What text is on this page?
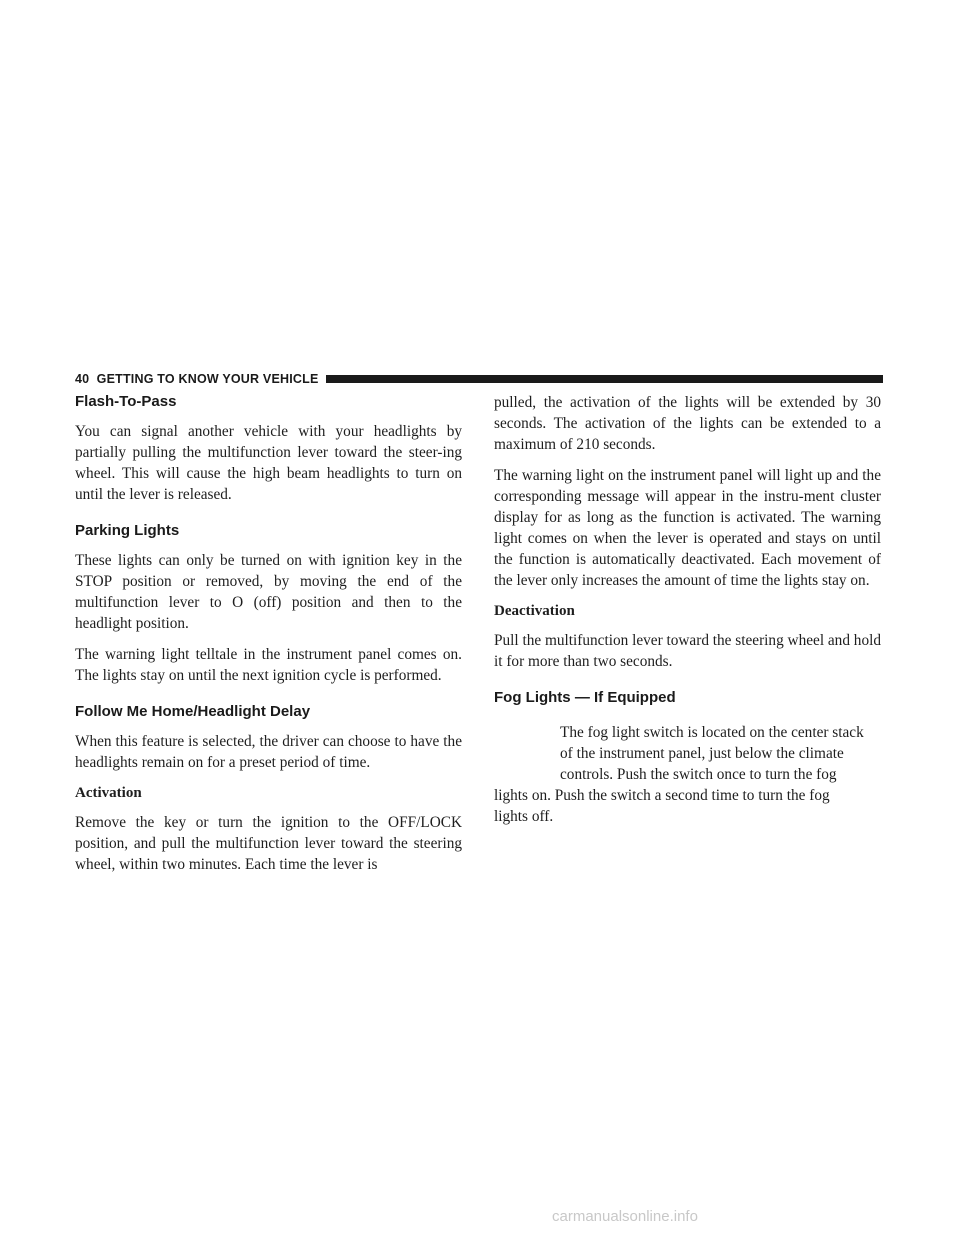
40 GETTING TO KNOW YOUR VEHICLE
Flash-To-Pass

You can signal another vehicle with your headlights by partially pulling the multifunction lever toward the steer-ing wheel. This will cause the high beam headlights to turn on until the lever is released.

Parking Lights

These lights can only be turned on with ignition key in the STOP position or removed, by moving the end of the multifunction lever to O (off) position and then to the headlight position.

The warning light telltale in the instrument panel comes on. The lights stay on until the next ignition cycle is performed.

Follow Me Home/Headlight Delay

When this feature is selected, the driver can choose to have the headlights remain on for a preset period of time.

Activation

Remove the key or turn the ignition to the OFF/LOCK position, and pull the multifunction lever toward the steering wheel, within two minutes. Each time the lever is

pulled, the activation of the lights will be extended by 30 seconds. The activation of the lights can be extended to a maximum of 210 seconds.

The warning light on the instrument panel will light up and the corresponding message will appear in the instru-ment cluster display for as long as the function is activated. The warning light comes on when the lever is operated and stays on until the function is automatically deactivated. Each movement of the lever only increases the amount of time the lights stay on.

Deactivation

Pull the multifunction lever toward the steering wheel and hold it for more than two seconds.

Fog Lights — If Equipped
The fog light switch is located on the center stack
of the instrument panel, just below the climate
controls. Push the switch once to turn the fog
lights on. Push the switch a second time to turn the fog
lights off.
carmanualsonline.info
